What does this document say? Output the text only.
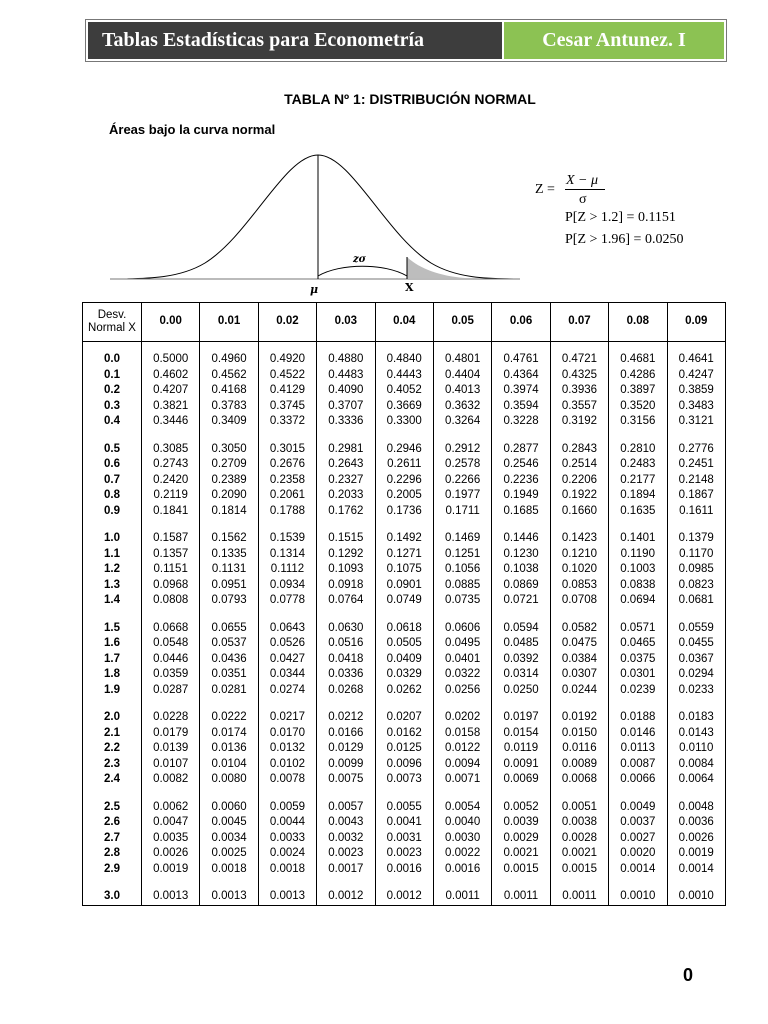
Tablas Estadísticas para Econometría	Cesar Antunez. I
TABLA Nº 1: DISTRIBUCIÓN NORMAL
Áreas bajo la curva normal
zσ
μ	X
Z =
X − μ
σ
P[Z > 1.2] = 0.1151
P[Z > 1.96] = 0.0250
Desv.
Normal X	0.00	0.01	0.02	0.03	0.04	0.05	0.06	0.07	0.08	0.09
0.0	0.5000	0.4960	0.4920	0.4880	0.4840	0.4801	0.4761	0.4721	0.4681	0.4641
0.1	0.4602	0.4562	0.4522	0.4483	0.4443	0.4404	0.4364	0.4325	0.4286	0.4247
0.2	0.4207	0.4168	0.4129	0.4090	0.4052	0.4013	0.3974	0.3936	0.3897	0.3859
0.3	0.3821	0.3783	0.3745	0.3707	0.3669	0.3632	0.3594	0.3557	0.3520	0.3483
0.4	0.3446	0.3409	0.3372	0.3336	0.3300	0.3264	0.3228	0.3192	0.3156	0.3121

0.5	0.3085	0.3050	0.3015	0.2981	0.2946	0.2912	0.2877	0.2843	0.2810	0.2776
0.6	0.2743	0.2709	0.2676	0.2643	0.2611	0.2578	0.2546	0.2514	0.2483	0.2451
0.7	0.2420	0.2389	0.2358	0.2327	0.2296	0.2266	0.2236	0.2206	0.2177	0.2148
0.8	0.2119	0.2090	0.2061	0.2033	0.2005	0.1977	0.1949	0.1922	0.1894	0.1867
0.9	0.1841	0.1814	0.1788	0.1762	0.1736	0.1711	0.1685	0.1660	0.1635	0.1611

1.0	0.1587	0.1562	0.1539	0.1515	0.1492	0.1469	0.1446	0.1423	0.1401	0.1379
1.1	0.1357	0.1335	0.1314	0.1292	0.1271	0.1251	0.1230	0.1210	0.1190	0.1170
1.2	0.1151	0.1131	0.1112	0.1093	0.1075	0.1056	0.1038	0.1020	0.1003	0.0985
1.3	0.0968	0.0951	0.0934	0.0918	0.0901	0.0885	0.0869	0.0853	0.0838	0.0823
1.4	0.0808	0.0793	0.0778	0.0764	0.0749	0.0735	0.0721	0.0708	0.0694	0.0681

1.5	0.0668	0.0655	0.0643	0.0630	0.0618	0.0606	0.0594	0.0582	0.0571	0.0559
1.6	0.0548	0.0537	0.0526	0.0516	0.0505	0.0495	0.0485	0.0475	0.0465	0.0455
1.7	0.0446	0.0436	0.0427	0.0418	0.0409	0.0401	0.0392	0.0384	0.0375	0.0367
1.8	0.0359	0.0351	0.0344	0.0336	0.0329	0.0322	0.0314	0.0307	0.0301	0.0294
1.9	0.0287	0.0281	0.0274	0.0268	0.0262	0.0256	0.0250	0.0244	0.0239	0.0233

2.0	0.0228	0.0222	0.0217	0.0212	0.0207	0.0202	0.0197	0.0192	0.0188	0.0183
2.1	0.0179	0.0174	0.0170	0.0166	0.0162	0.0158	0.0154	0.0150	0.0146	0.0143
2.2	0.0139	0.0136	0.0132	0.0129	0.0125	0.0122	0.0119	0.0116	0.0113	0.0110
2.3	0.0107	0.0104	0.0102	0.0099	0.0096	0.0094	0.0091	0.0089	0.0087	0.0084
2.4	0.0082	0.0080	0.0078	0.0075	0.0073	0.0071	0.0069	0.0068	0.0066	0.0064

2.5	0.0062	0.0060	0.0059	0.0057	0.0055	0.0054	0.0052	0.0051	0.0049	0.0048
2.6	0.0047	0.0045	0.0044	0.0043	0.0041	0.0040	0.0039	0.0038	0.0037	0.0036
2.7	0.0035	0.0034	0.0033	0.0032	0.0031	0.0030	0.0029	0.0028	0.0027	0.0026
2.8	0.0026	0.0025	0.0024	0.0023	0.0023	0.0022	0.0021	0.0021	0.0020	0.0019
2.9	0.0019	0.0018	0.0018	0.0017	0.0016	0.0016	0.0015	0.0015	0.0014	0.0014

3.0	0.0013	0.0013	0.0013	0.0012	0.0012	0.0011	0.0011	0.0011	0.0010	0.0010
0
